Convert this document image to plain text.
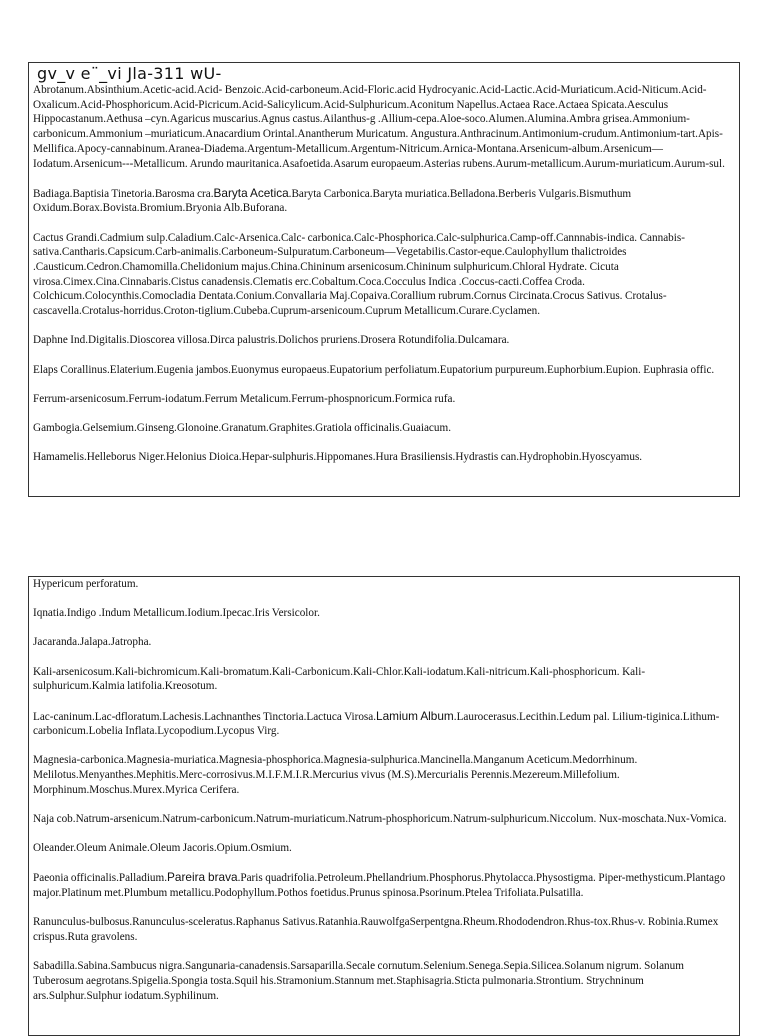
gv_v e¨_vi Jla-311 wU-

Abrotanum.Absinthium.Acetic-acid.Acid- Benzoic.Acid-carboneum.Acid-Floric.acid Hydrocyanic.Acid-Lactic.Acid-Muriaticum.Acid-Niticum.Acid-Oxalicum.Acid-Phosphoricum.Acid-Picricum.Acid-Salicylicum.Acid-Sulphuricum.Aconitum Napellus.Actaea Race.Actaea Spicata.Aesculus Hippocastanum.Aethusa –cyn.Agaricus muscarius.Agnus castus.Ailanthus-g .Allium-cepa.Aloe-soco.Alumen.Alumina.Ambra grisea.Ammonium-carbonicum.Ammonium –muriaticum.Anacardium Orintal.Anantherum Muricatum. Angustura.Anthracinum.Antimonium-crudum.Antimonium-tart.Apis-Mellifica.Apocy-cannabinum.Aranea-Diadema.Argentum-Metallicum.Argentum-Nitricum.Arnica-Montana.Arsenicum-album.Arsenicum—Iodatum.Arsenicum---Metallicum. Arundo mauritanica.Asafoetida.Asarum europaeum.Asterias rubens.Aurum-metallicum.Aurum-muriaticum.Aurum-sul.

Badiaga.Baptisia Tinetoria.Barosma cra.Baryta Acetica.Baryta Carbonica.Baryta muriatica.Belladona.Berberis Vulgaris.Bismuthum Oxidum.Borax.Bovista.Bromium.Bryonia Alb.Buforana.

Cactus Grandi.Cadmium sulp.Caladium.Calc-Arsenica.Calc- carbonica.Calc-Phosphorica.Calc-sulphurica.Camp-off.Cannnabis-indica. Cannabis-sativa.Cantharis.Capsicum.Carb-animalis.Carboneum-Sulpuratum.Carboneum—Vegetabilis.Castor-eque.Caulophyllum thalictroides .Causticum.Cedron.Chamomilla.Chelidonium majus.China.Chininum arsenicosum.Chininum sulphuricum.Chloral Hydrate. Cicuta virosa.Cimex.Cina.Cinnabaris.Cistus canadensis.Clematis erc.Cobaltum.Coca.Cocculus Indica .Coccus-cacti.Coffea Croda. Colchicum.Colocynthis.Comocladia Dentata.Conium.Convallaria Maj.Copaiva.Corallium rubrum.Cornus Circinata.Crocus Sativus. Crotalus-cascavella.Crotalus-horridus.Croton-tiglium.Cubeba.Cuprum-arsenicoum.Cuprum Metallicum.Curare.Cyclamen.

Daphne Ind.Digitalis.Dioscorea villosa.Dirca palustris.Dolichos pruriens.Drosera Rotundifolia.Dulcamara.

Elaps Corallinus.Elaterium.Eugenia jambos.Euonymus europaeus.Eupatorium perfoliatum.Eupatorium purpureum.Euphorbium.Eupion. Euphrasia offic.

Ferrum-arsenicosum.Ferrum-iodatum.Ferrum Metalicum.Ferrum-phospnoricum.Formica rufa.

Gambogia.Gelsemium.Ginseng.Glonoine.Granatum.Graphites.Gratiola officinalis.Guaiacum.

Hamamelis.Helleborus Niger.Helonius Dioica.Hepar-sulphuris.Hippomanes.Hura Brasiliensis.Hydrastis can.Hydrophobin.Hyoscyamus.

Hypericum perforatum.

Iqnatia.Indigo .Indum Metallicum.Iodium.Ipecac.Iris Versicolor.

Jacaranda.Jalapa.Jatropha.

Kali-arsenicosum.Kali-bichromicum.Kali-bromatum.Kali-Carbonicum.Kali-Chlor.Kali-iodatum.Kali-nitricum.Kali-phosphoricum. Kali-sulphuricum.Kalmia latifolia.Kreosotum.

Lac-caninum.Lac-dfloratum.Lachesis.Lachnanthes Tinctoria.Lactuca Virosa.Lamium Album.Laurocerasus.Lecithin.Ledum pal. Lilium-tiginica.Lithum-carbonicum.Lobelia Inflata.Lycopodium.Lycopus Virg.

Magnesia-carbonica.Magnesia-muriatica.Magnesia-phosphorica.Magnesia-sulphurica.Mancinella.Manganum Aceticum.Medorrhinum. Melilotus.Menyanthes.Mephitis.Merc-corrosivus.M.I.F.M.I.R.Mercurius vivus (M.S).Mercurialis Perennis.Mezereum.Millefolium. Morphinum.Moschus.Murex.Myrica Cerifera.

Naja cob.Natrum-arsenicum.Natrum-carbonicum.Natrum-muriaticum.Natrum-phosphoricum.Natrum-sulphuricum.Niccolum. Nux-moschata.Nux-Vomica.

Oleander.Oleum Animale.Oleum Jacoris.Opium.Osmium.

Paeonia officinalis.Palladium.Pareira brava.Paris quadrifolia.Petroleum.Phellandrium.Phosphorus.Phytolacca.Physostigma. Piper-methysticum.Plantago major.Platinum met.Plumbum metallicu.Podophyllum.Pothos foetidus.Prunus spinosa.Psorinum.Ptelea Trifoliata.Pulsatilla.

Ranunculus-bulbosus.Ranunculus-sceleratus.Raphanus Sativus.Ratanhia.RauwolfgaSerpentgna.Rheum.Rhododendron.Rhus-tox.Rhus-v. Robinia.Rumex crispus.Ruta gravolens.

Sabadilla.Sabina.Sambucus nigra.Sangunaria-canadensis.Sarsaparilla.Secale cornutum.Selenium.Senega.Sepia.Silicea.Solanum nigrum. Solanum Tuberosum aegrotans.Spigelia.Spongia tosta.Squil his.Stramonium.Stannum met.Staphisagria.Sticta pulmonaria.Strontium. Strychninum ars.Sulphur.Sulphur iodatum.Syphilinum.
